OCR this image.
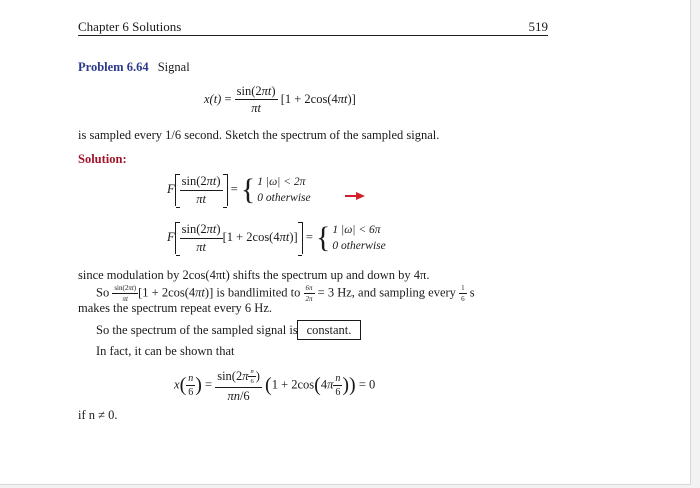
Chapter 6 Solutions	519
Problem 6.64 Signal
$x(t) = \frac{\sin(2\pi t)}{\pi t} [1 + 2\cos(4\pi t)]$
is sampled every 1/6 second. Sketch the spectrum of the sampled signal.
Solution:
F $\frac{\sin(2\pi t)}{\pi t}$ = { 1 |ω| < 2π
0 otherwise
F $\frac{\sin(2\pi t)}{\pi t} [1 + 2\cos(4\pi t)]$ = { 1 |ω| < 6π
0 otherwise
since modulation by 2cos(4πt) shifts the spectrum up and down by 4π.
So $\frac{\sin(2\pi t)}{\pi t} [1 + 2\cos(4\pi t)]$ is bandlimited to $\frac{6\pi}{2\pi} = 3$ Hz, and sampling every $\frac{1}{6}$ s
makes the spectrum repeat every 6 Hz.
So the spectrum of the sampled signal is constant.
In fact, it can be shown that
$x( \frac{n}{6}$ ) = $\frac{\sin(2\pi \frac{n}{6} )}{\pi n/6} (1 + 2\cos(4\pi \frac{n}{6}$ )) = 0
if n ≠ 0.
